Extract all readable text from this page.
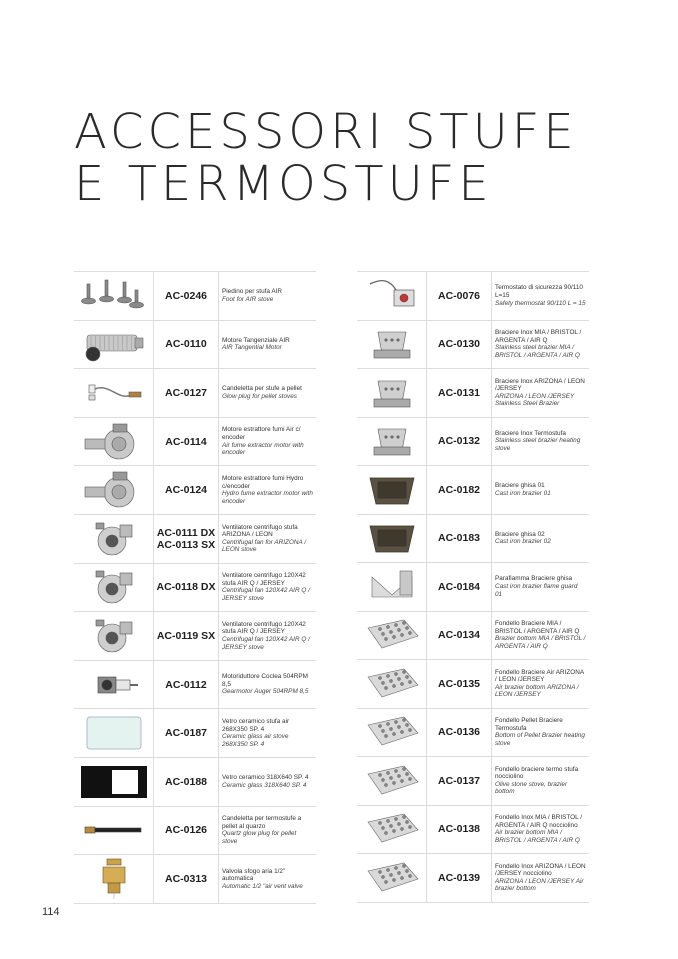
ACCESSORI STUFE
E TERMOSTUFE
AC-0246 Piedino per stufa AIR
Foot for AIR stove
AC-0110 Motore Tangenziale AIR
AIR Tangential Motor
AC-0127 Candeletta per stufe a pellet
Glow plug for pellet stoves
AC-0114
Motore estrattore fumi Air c/ encoder
Air fume extractor motor with encoder
AC-0124
Motore estrattore fumi Hydro c/encoder
Hydro fume extractor motor with encoder
AC-0111 DX
AC-0113 SX
Ventilatore centrifugo stufa ARIZONA / LEON
Centrifugal fan for ARIZONA / LEON stove
AC-0118 DX
Ventilatore centrifugo 120X42 stufa AIR Q / JERSEY
Centrifugal fan 120X42 AIR Q / JERSEY stove
AC-0119 SX
Ventilatore centrifugo 120X42 stufa AIR Q / JERSEY
Centrifugal fan 120X42 AIR Q / JERSEY stove
AC-0112
Motoriduttore Coclea 504RPM 8,5
Gearmotor Auger 504RPM 8,5
AC-0187
Vetro ceramico stufa air 268X350 SP. 4
Ceramic glass air stove 268X350 SP. 4
AC-0188 Vetro ceramico 318X640 SP. 4
Ceramic glass 318X640 SP. 4
AC-0126
Candeletta per termostufe a pellet al quarzo
Quartz glow plug for pellet stove
AC-0313
Valvola sfogo aria 1/2" automatica
Automatic 1/2 "air vent valve
AC-0076
Termostato di sicurezza 90/110 L=15
Safety thermostat 90/110 L = 15
AC-0130
Braciere Inox MIA / BRISTOL / ARGENTA / AIR Q
Stainless steel brazier MIA / BRISTOL / ARGENTA / AIR Q
AC-0131
Braciere Inox ARIZONA / LEON /JERSEY
ARIZONA / LEON /JERSEY Stainless Steel Brazier
AC-0132
Braciere Inox Termostufa
Stainless steel brazier heating stove
AC-0182 Braciere ghisa 01
Cast iron brazier 01
AC-0183 Braciere ghisa 02
Cast iron brazier 02
AC-0184
Parafiamma Braciere ghisa
Cast iron brazier flame guard 01
AC-0134
Fondello Braciere MIA / BRISTOL / ARGENTA / AIR Q
Brazier bottom MIA / BRISTOL / ARGENTA / AIR Q
AC-0135
Fondello Braciere Air ARIZONA / LEON /JERSEY
Air brazier bottom ARIZONA / LEON /JERSEY
AC-0136
Fondello Pellet Braciere Termostufa
Bottom of Pellet Brazier heating stove
AC-0137
Fondello braciere termo stufa nocciolino
Olive stone stove, brazier bottom
AC-0138
Fondello Inox MIA / BRISTOL / ARGENTA / AIR Q nocciolino
Air brazier bottom MIA / BRISTOL / ARGENTA / AIR Q
AC-0139
Fondello Inox ARIZONA / LEON /JERSEY nocciolino
ARIZONA / LEON /JERSEY Air brazier bottom
114
